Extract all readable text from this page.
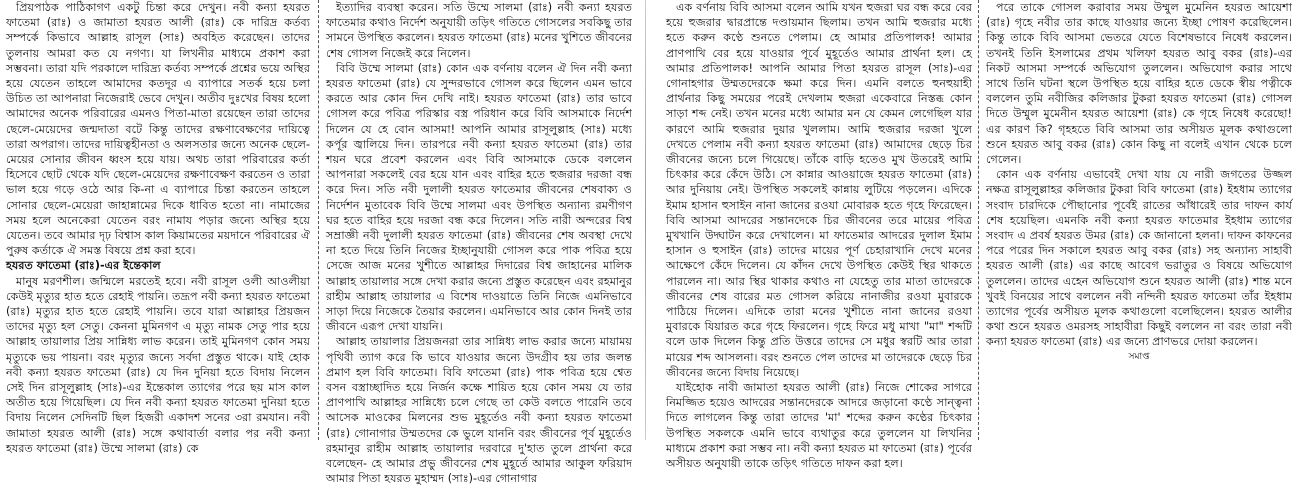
প্রিয়পাঠক পাঠিকাগণ একটু চিন্তা করে দেখুন। নবী কন্যা হযরত ফাতেমা (রাঃ) ও জামাতা হযরত আলী (রাঃ) কে দারিদ্র কর্তব্য সম্পর্কে কিভাবে আল্লাহ রাসূল (সাঃ) অবহিত করেছেন। তাদের তুলনায় আমরা কত যে নগণ্য। যা লিখনীর মাধ্যমে প্রকাশ করা সম্ভবনা। তারা যদি পরকালে দারিদ্র্য কর্তব্য সম্পর্কে প্রশ্নের ভয়ে অস্থির হয়ে যেতেন তাহলে আমাদের কতদূর এ ব্যাপারে সতর্ক হয়ে চলা উচিত তা আপনারা নিজেরাই ভেবে দেখুন। অতীব দুঃখের বিষয় হলো আমাদের অনেক পরিবারের এমনও পিতা-মাতা রয়েছেন তারা তাদের ছেলে-মেয়েদের জন্মদাতা বটে কিন্তু তাদের রক্ষণাবেক্ষণের দায়িত্বে তারা অপরাগ। তাদের দায়িত্বহীনতা ও অলসতার জন্যে অনেক ছেলে-মেয়ের সোনার জীবন ধ্বংস হয়ে যায়। অথচ তারা পরিবারের কর্তা হিসেবে ছোট থেকে যদি ছেলে-মেয়েদের রক্ষণাবেক্ষণ করতেন ও তারা ভাল হয়ে গড়ে ওঠে আর কি-না এ ব্যাপারে চিন্তা করতেন তাহলে সোনার ছেলে-মেয়েরা জাহান্নামের দিকে ধাবিত হতো না। নামাজের সময় হলে অনেকেরা যেতেন বরং নামায পড়ার জন্যে অস্থির হয়ে যেতেন। তবে আমার দৃঢ় বিশ্বাস কাল কিয়ামতের ময়দানে পরিবারের ঐ পুরুষ কর্তাকে ঐ সমস্ত বিষয়ে প্রশ্ন করা হবে।

হযরত ফাতেমা (রাঃ)-এর ইন্তেকাল

মানুষ মরণশীল। জন্মিলে মরতেই হবে। নবী রাসূল ওলী আওলীয়া কেউই মৃত্যুর হাত হতে রেহাই পায়নি। তদ্রূপ নবী কন্যা হযরত ফাতেমা (রাঃ) মৃত্যুর হাত হতে রেহাই পায়নি। তবে যারা আল্লাহর প্রিয়জন তাদের মৃত্যু হল সেতু। কেননা মুমিনগণ এ মৃত্যু নামক সেতু পার হয়ে আল্লাহ তায়ালার প্রিয় সান্নিধ্য লাভ করেন। তাই মুমিনগণ কোন সময় মৃত্যুকে ভয় পায়না। বরং মৃত্যুর জন্যে সর্বদা প্রস্তুত থাকে। যাই হোক নবী কন্যা হযরত ফাতেমা (রাঃ) যে দিন দুনিয়া হতে বিদায় নিলেন সেই দিন রাসূলুল্লাহ (সাঃ)-এর ইন্তেকাল ত্যাগের পরে ছয় মাস কাল অতীত হয়ে গিয়েছিল। যে দিন নবী কন্যা হযরত ফাতেমা দুনিয়া হতে বিদায় নিলেন সেদিনটি ছিল হিজরী একাদশ সনের ৩রা রমযান। নবী জামাতা হযরত আলী (রাঃ) সঙ্গে কথাবার্তা বলার পর নবী কন্যা হযরত ফাতেমা (রাঃ) উম্মে সালমা (রাঃ) কে

ইত্যাদির ব্যবস্থা করেন। সতি উম্মে সালমা (রাঃ) নবী কন্যা হযরত ফাতেমার কথাও নির্দেশ অনুযায়ী তড়িৎ গতিতে গোসলের সবকিছু তার সামনে উপস্থিত করলেন। হযরত ফাতেমা (রাঃ) মনের খুশিতে জীবনের শেষ গোসল নিজেই করে নিলেন।

বিবি উম্মে সালমা (রাঃ) কোন এক বর্ণনায় বলেন ঐ দিন নবী কন্যা হযরত ফাতেমা (রাঃ) যে সুন্দরভাবে গোসল করে ছিলেন এমন ভাবে করতে আর কোন দিন দেখি নাই। হযরত ফাতেমা (রাঃ) তার ভাবে গোসল করে পবিত্র পরিস্কার বস্ত্র পরিধান করে বিবি আসমাকে নির্দেশ দিলেন যে হে বোন আসমা! আপনি আমার রাসূলুল্লাহ (সাঃ) মধ্যে কর্পূর জ্বালিয়ে দিন। তারপরে নবী কন্যা হযরত ফাতেমা (রাঃ) তার শয়ন ঘরে প্রবেশ করলেন এবং বিবি আসমাকে ডেকে বললেন আপনারা সকলেই বের হয়ে যান এবং বাহির হতে হুজরার দরজা বন্ধ করে দিন। সতি নবী দুলালী হযরত ফাতেমার জীবনের শেষবাক্য ও নির্দেশন মুতাবেক বিবি উম্মে সালমা এবং উপস্থিত অন্যান্য রমণীগণ ঘর হতে বাহির হয়ে দরজা বন্ধ করে দিলেন। সতি নারী অন্দরের বিশ্ব সম্রাজ্ঞী নবী দুলালী হযরত ফাতেমা (রাঃ) জীবনের শেষ অবস্থা দেখে না হতে দিয়ে তিনি নিজের ইচ্ছানুযায়ী গোসল করে পাক পবিত্র হয়ে সেজে আজ মনের খুশীতে আল্লাহর দিদারের বিশ্ব জাহানের মালিক আল্লাহ তায়ালার সঙ্গে দেখা করার জন্যে প্রস্তুত করেছেন এবং রহমানুর রাহীম আল্লাহ তায়ালার এ বিশেষ দাওয়াতে তিনি নিজে এমনিভাবে সাড়া দিয়ে নিজেকে তৈয়ার করলেন। এমনিভাবে আর কোন দিনই তার জীবনে এরূপ দেখা যায়নি।

আল্লাহ তায়ালার প্রিয়জনরা তার সান্নিধ্য লাভ করার জন্যে মায়াময় পৃথিবী ত্যাগ করে কি ভাবে যাওয়ার জন্যে উদগ্রীব হয় তার জলন্ত প্রমাণ হল বিবি ফাতেমা। বিবি ফাতেমা (রাঃ) পাক পবিত্র হয়ে শ্বেত বসন বস্ত্রাচ্ছাদিত হয়ে নির্জন কক্ষে শায়িত হয়ে কোন সময় যে তার প্রাণপাখি আল্লাহর সান্নিধ্যে চলে গেছে তা কেউ বলতে পারেনি তবে আসেক মাওকের মিলনের শুভ মুহূর্তেও নবী কন্যা হযরত ফাতেমা (রাঃ) গোনাগার উম্মতদের কে ভুলে যাননি বরং জীবনের পূর্ব মুহূর্তেও রহমানুর রাহীম আল্লাহ তায়ালার দরবারে দু'হাত তুলে প্রার্থনা করে বলেছেন- হে আমার প্রভু জীবনের শেষ মুহূর্তে আমার আকুল ফরিয়াদ আমার পিতা হযরত মুহাম্মদ (সাঃ)-এর গোনাগার

এক বর্ণনায় বিবি আসমা বলেন আমি যখন হুজরা ঘর বন্ধ করে বের হয়ে হুজরার দ্বারপ্রান্তে দণ্ডায়মান ছিলাম। তখন আমি হুজরার মধ্যে হতে করুন কণ্ঠে শুনতে পেলাম। হে আমার প্রতিপালক! আমার প্রাণপাখি বের হয়ে যাওয়ার পূর্বে মুহূর্তেও আমার প্রার্থনা হল। হে আমার প্রতিপালক! আপনি আমার পিতা হযরত রাসূল (সাঃ)-এর গোনাহগার উম্মতদেরকে ক্ষমা করে দিন। এমনি বলতে হুনহুয়াহী প্রার্থনার কিছু সময়ের পরেই দেখলাম হুজরা একেবারে নিস্তব্ধ কোন সাড়া শব্দ নেই। তখন মনের মধ্যে আমার মন যে কেমন লেগেছিল যার কারণে আমি হুজরার দুয়ার খুললাম। আমি হুজরার দরজা খুলে দেখতে পেলাম নবী কন্যা হযরত ফাতেমা (রাঃ) আমাদের ছেড়ে চির জীবনের জন্যে চলে গিয়েছে। তাঁকে বাড়ি হতেও মুখ উতরেই আমি চিৎকার করে কেঁদে উঠি। সে কান্নার আওয়াজে হযরত ফাতেমা (রাঃ) আর দুনিয়ায় নেই। উপস্থিত সকলেই কান্নায় লুটিয়ে পড়লেন। এদিকে ইমাম হাসান হুসাইন নানা জানের রওযা মোবারক হতে গৃহে ফিরেছেন। বিবি আসমা আদরের সন্তানদেকে চির জীবনের তরে মায়ের পবিত্র মুখখানি উদ্ঘাটন করে দেখালেন। মা ফাতেমার আদরের দুলাল ইমাম হাসান ও হুসাইন (রাঃ) তাদের মায়ের পূর্ণ চেহারাখানি দেখে মনের আক্ষেপে কেঁদে দিলেন। যে কাঁদন দেখে উপস্থিত কেউই স্থির থাকতে পারলেন না। আর স্থির থাকার কথাও না যেহেতু তার মাতা তাদেরকে জীবনের শেষ বারের মত গোসল করিয়ে নানাজীর রওযা মুবারকে পাঠিয়ে দিলেন। এদিকে তারা মনের খুশীতে নানা জানের রওযা মুবারকে যিয়ারত করে গৃহে ফিরলেন। গৃহে ফিরে মধু মাখা "মা" শব্দটি বলে ডাক দিলেন কিন্তু প্রতি উত্তরে তাদের সে মধুর স্বরটি আর তারা মায়ের শব্দ আসলনা। বরং শুনতে পেল তাদের মা তাদেরকে ছেড়ে চির জীবনের জন্যে বিদায় নিয়েছে।

যাইহোক নাবী জামাতা হযরত আলী (রাঃ) নিজে শোকের সাগরে নিমজ্জিত হয়েও আদরের সন্তানদেরকে আদরে জড়ানো কণ্ঠে সান্ত্বনা দিতে লাগলেন কিন্তু তারা তাদের 'মা' শব্দের করুন কণ্ঠের চিৎকার উপস্থিত সকলকে এমনি ভাবে ব্যথাতুর করে তুললেন যা লিখনির মাধ্যমে প্রকাশ করা সম্ভব না। নবী কন্যা হযরত মা ফাতেমা (রাঃ) পূর্বের অসীয়ত অনুযায়ী তাকে তড়িৎ গতিতে দাফন করা হল।

পরে তাকে গোসল করাবার সময় উম্মুল মুমেনিন হযরত আয়েশা (রাঃ) গৃহে নবীর তার কাছে যাওয়ার জন্যে ইচ্ছা পোষণ করেছিলেন। কিন্তু তাকে বিবি আসমা ভেতরে যেতে বিশেষভাবে নিষেধ করলেন। তখনই তিনি ইসলামের প্রথম খলিফা হযরত আবু বকর (রাঃ)-এর নিকট আসমা সম্পর্কে অভিযোগ তুললেন। অভিযোগ করার সাথে সাথে তিনি ঘটনা স্থলে উপস্থিত হয়ে বাহির হতে ডেকে স্বীয় পত্নীকে বললেন তুমি নবীজির কলিজার টুকরা হযরত ফাতেমা (রাঃ) গোসল দিতে উম্মুল মুমেনীন হযরত আয়েশা (রাঃ) কে গৃহে নিষেধ করেছো! এর কারণ কি? গৃহহতে বিবি আসমা তার অসীয়ত মূলক কথাগুলো শুনে হযরত আবু বকর (রাঃ) কোন কিছু না বলেই এখান থেকে চলে গেলেন।

কোন এক বর্ণনায় এভাবেই দেখা যায় যে নারী জগতের উজ্জল নক্ষত্র রাসূলুল্লাহর কলিজার টুকরা বিবি ফাতেমা (রাঃ) ইহধাম ত্যাগের সংবাদ চারদিকে পৌছানোর পূর্বেই রাতের আঁধারেই তার দাফন কার্য শেষ হয়েছিল। এমনকি নবী কন্যা হযরত ফাতেমার ইহধাম ত্যাগের সংবাদ এ প্রবর্ষ হযরত উমর (রাঃ) কে জানানো হলনা। দাফন কাফনের পরে পরের দিন সকালে হযরত আবু বকর (রাঃ) সহ অন্যান্য সাহাবী হযরত আলী (রাঃ) এর কাছে আবেগ ভরাতুর ও বিষয়ে অভিযোগ তুললেন। তাদের এহেন অভিযোগ শুনে হযরত আলী (রাঃ) শান্ত মনে খুবই বিনয়ের সাথে বললেন নবী নন্দিনী হযরত ফাতেমা তাঁর ইহধাম ত্যাগের পূর্বের অসীয়ত মূলক কথাগুলো বলেছিলেন। হযরত আলীর কথা শুনে হযরত ওমরসহ সাহাবীরা কিছুই বললেন না বরং তারা নবী কন্যা হযরত ফাতেমা (রাঃ) এর জন্যে প্রাণভরে দোয়া করলেন।

সমাপ্ত
